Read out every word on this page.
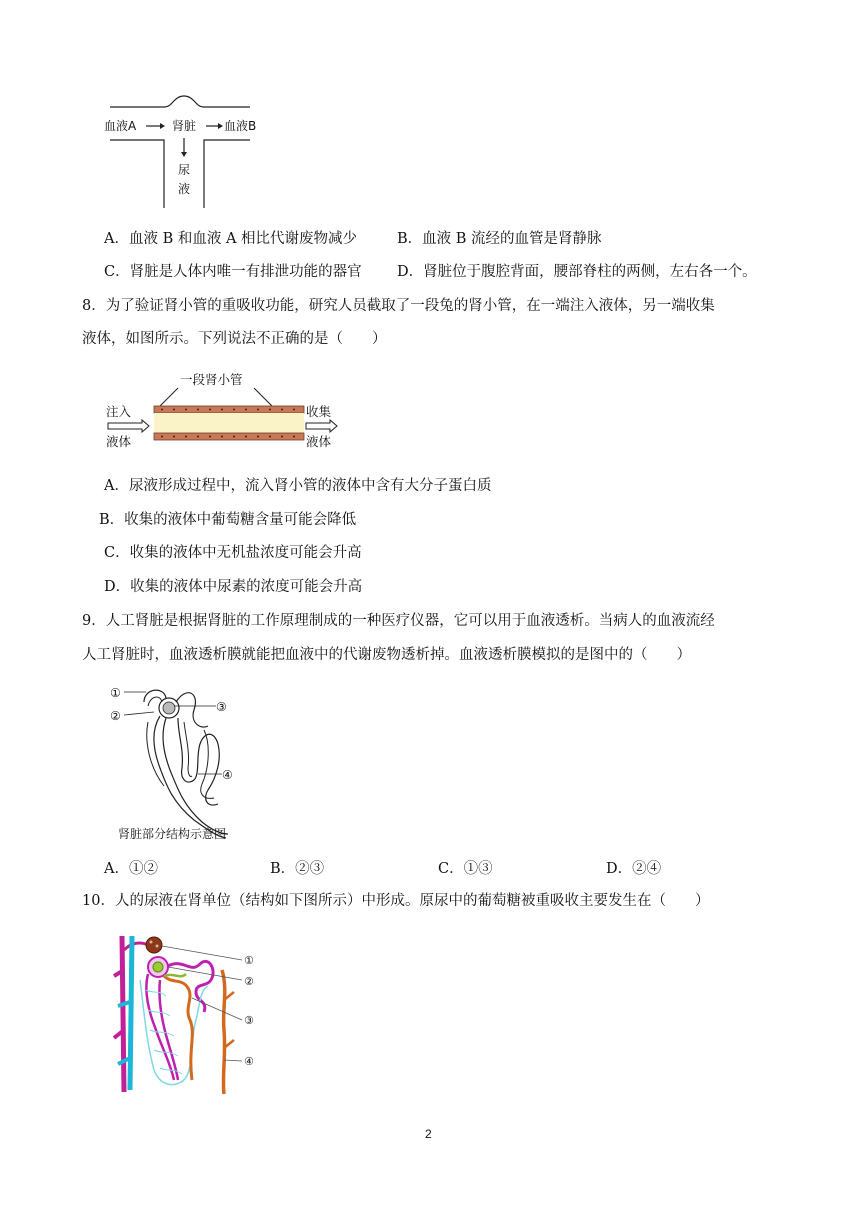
血液A	肾脏 血液B
尿
液
A．血液 B 和血液 A 相比代谢废物减少	B．血液 B 流经的血管是肾静脉
C．肾脏是人体内唯一有排泄功能的器官 D．肾脏位于腹腔背面，腰部脊柱的两侧，左右各一个。
8．为了验证肾小管的重吸收功能，研究人员截取了一段兔的肾小管，在一端注入液体，另一端收集
液体，如图所示。下列说法不正确的是（　　）
一段肾小管
注入
液体
收集
液体
A．尿液形成过程中，流入肾小管的液体中含有大分子蛋白质
B．收集的液体中葡萄糖含量可能会降低
C．收集的液体中无机盐浓度可能会升高
D．收集的液体中尿素的浓度可能会升高
9．人工肾脏是根据肾脏的工作原理制成的一种医疗仪器，它可以用于血液透析。当病人的血液流经
人工肾脏时，血液透析膜就能把血液中的代谢废物透析掉。血液透析膜模拟的是图中的（　　）
①
②
③
④
肾脏部分结构示意图
A．①②	B．②③	C．①③	D．②④
10．人的尿液在肾单位（结构如下图所示）中形成。原尿中的葡萄糖被重吸收主要发生在（　　）
①
②
③
④
2
